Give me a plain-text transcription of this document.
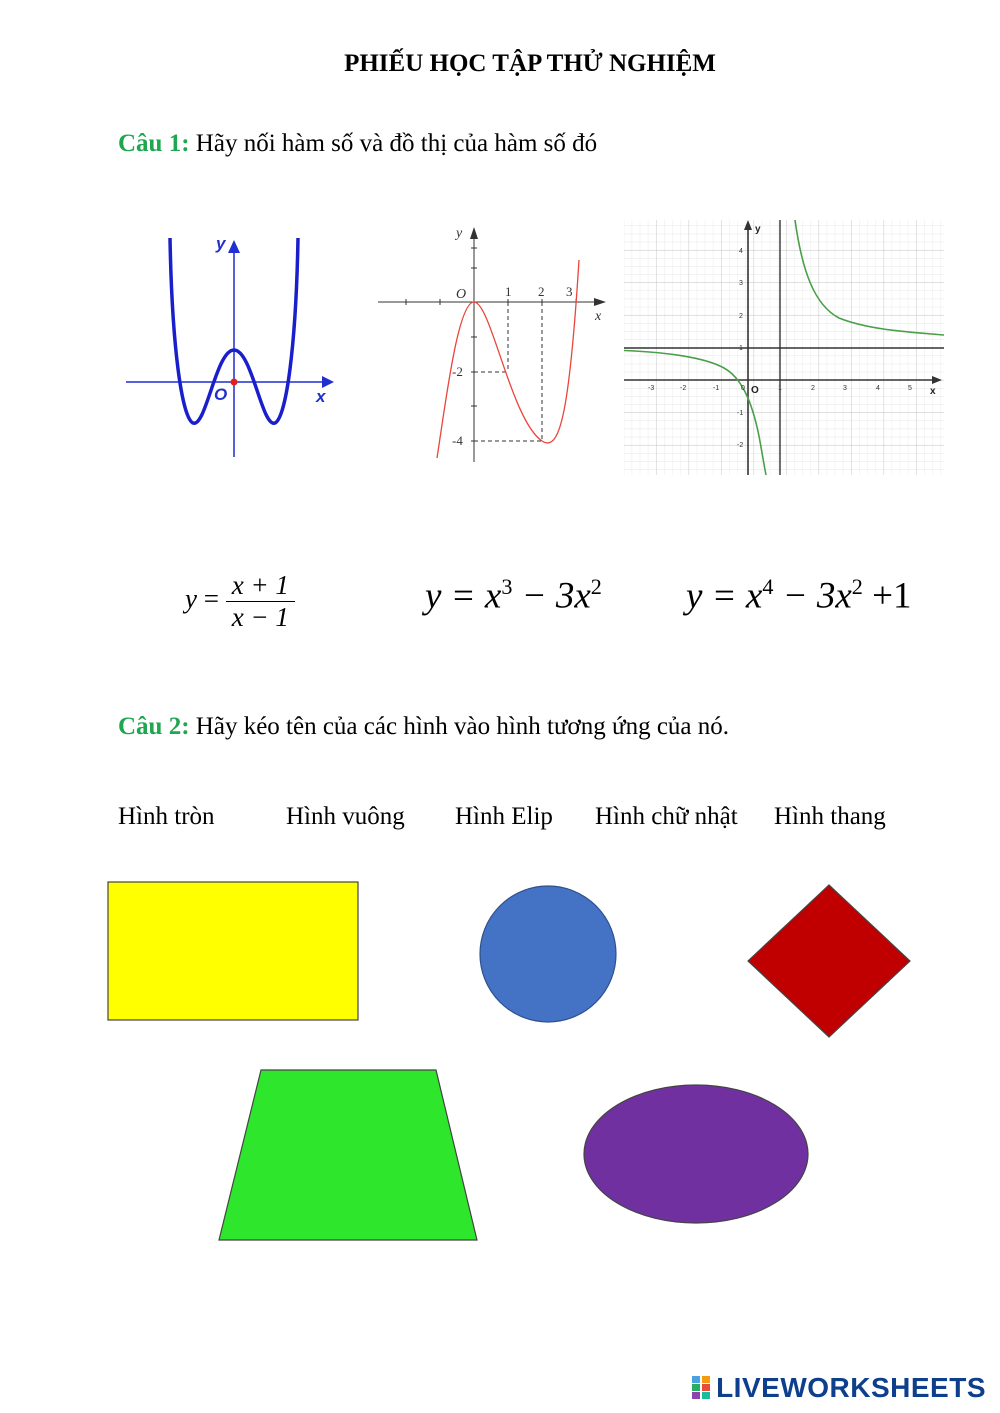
PHIẾU HỌC TẬP THỬ NGHIỆM
Câu 1: Hãy nối hàm số và đồ thị của hàm số đó
y
x
O
y
x
O	1 2 3
-2
-4
-3	-2	-1	0	1	2	3	4	5
4
3
2
1
-1
-2
y
x
O
$y = \frac{x + 1}{x - 1}$	$y = x^3 - 3x^2$ $y = x^4 - 3x^2 +1$
Câu 2: Hãy kéo tên của các hình vào hình tương ứng của nó.
Hình tròn	Hình vuông Hình Elip Hình chữ nhật Hình thang
LIVEWORKSHEETS
